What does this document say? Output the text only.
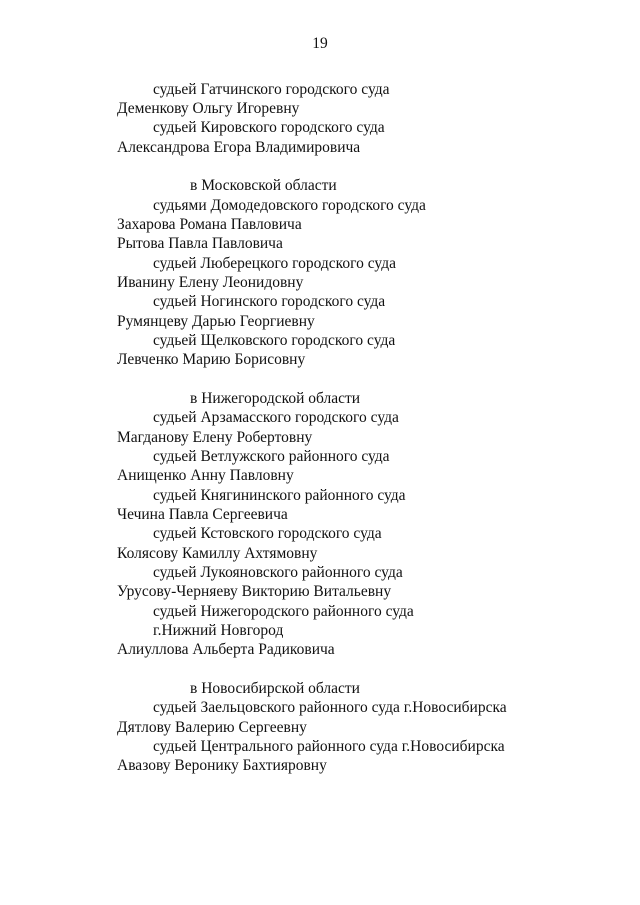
19
судьей Гатчинского городского суда
Деменкову Ольгу Игоревну
судьей Кировского городского суда
Александрова Егора Владимировича
в Московской области
судьями Домодедовского городского суда
Захарова Романа Павловича
Рытова Павла Павловича
судьей Люберецкого городского суда
Иванину Елену Леонидовну
судьей Ногинского городского суда
Румянцеву Дарью Георгиевну
судьей Щелковского городского суда
Левченко Марию Борисовну
в Нижегородской области
судьей Арзамасского городского суда
Магданову Елену Робертовну
судьей Ветлужского районного суда
Анищенко Анну Павловну
судьей Княгининского районного суда
Чечина Павла Сергеевича
судьей Кстовского городского суда
Колясову Камиллу Ахтямовну
судьей Лукояновского районного суда
Урусову-Черняеву Викторию Витальевну
судьей Нижегородского районного суда
г.Нижний Новгород
Алиуллова Альберта Радиковича
в Новосибирской области
судьей Заельцовского районного суда г.Новосибирска
Дятлову Валерию Сергеевну
судьей Центрального районного суда г.Новосибирска
Авазову Веронику Бахтияровну
